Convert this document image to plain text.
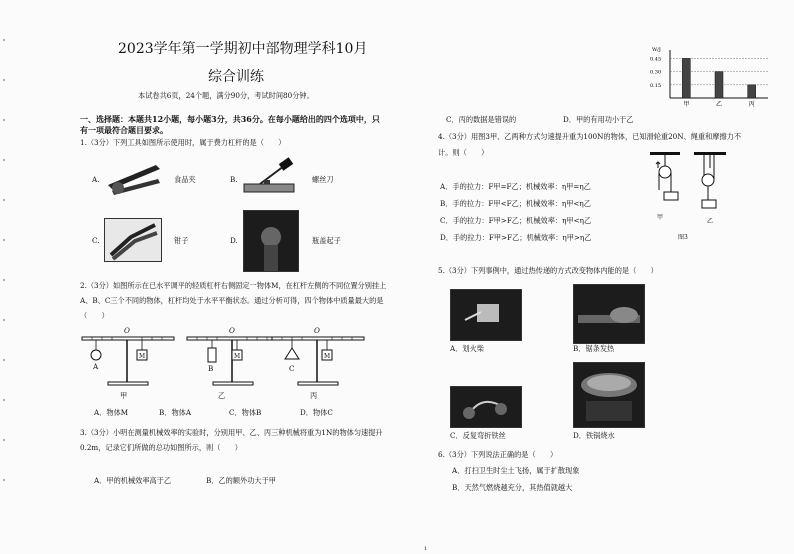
2023学年第一学期初中部物理学科10月
综合训练
本试卷共6页，24个题，满分90分，考试时间80分钟。
一、选择题：本题共12小题，每小题3分，共36分。在每小题给出的四个选项中，只
有一项最符合题目要求。
1.（3分）下列工具如图所示使用时，属于费力杠杆的是（　　）
A.	食品夹	B.	螺丝刀
C.	钳子	D.	瓶盖起子
2.（3分）如图所示在已水平调平的轻质杠杆右侧固定一物体M，在杠杆左侧的不同位置分别挂上
A、B、C三个不同的物体，杠杆均处于水平平衡状态。通过分析可得，四个物体中质量最大的是
（　　）
O
M
A
甲
O
M
B
乙
O
M
C
丙
A．物体M	B．物体A	C．物体B	D．物体C
3.（3分）小明在测量机械效率的实验时，分别用甲、乙、丙三种机械将重为1N的物体匀速提升
0.2m，记录它们所做的总功如图所示，则（　　）
A．甲的机械效率高于乙	B．乙的额外功大于甲
1
W/J
0.45
0.30
0.15
甲	乙	丙
C．丙的数据是错误的	D．甲的有用功小于乙
4.（3分）用图3甲、乙两种方式匀速提升重为100N的物体，已知滑轮重20N、绳重和摩擦力不
计。则（　　）
A．手的拉力：F甲=F乙；机械效率：η甲=η乙
B．手的拉力：F甲<F乙；机械效率：η甲<η乙
C．手的拉力：F甲>F乙；机械效率：η甲<η乙
D．手的拉力：F甲>F乙；机械效率：η甲>η乙
甲
乙
图3
5.（3分）下列事例中，通过热传递的方式改变物体内能的是（　　）
A．划火柴	B．锯条发热
C．反复弯折铁丝	D．铁锅烧水
6.（3分）下列说法正确的是（　　）
A．打扫卫生时尘土飞扬，属于扩散现象
B．天然气燃烧越充分，其热值就越大
